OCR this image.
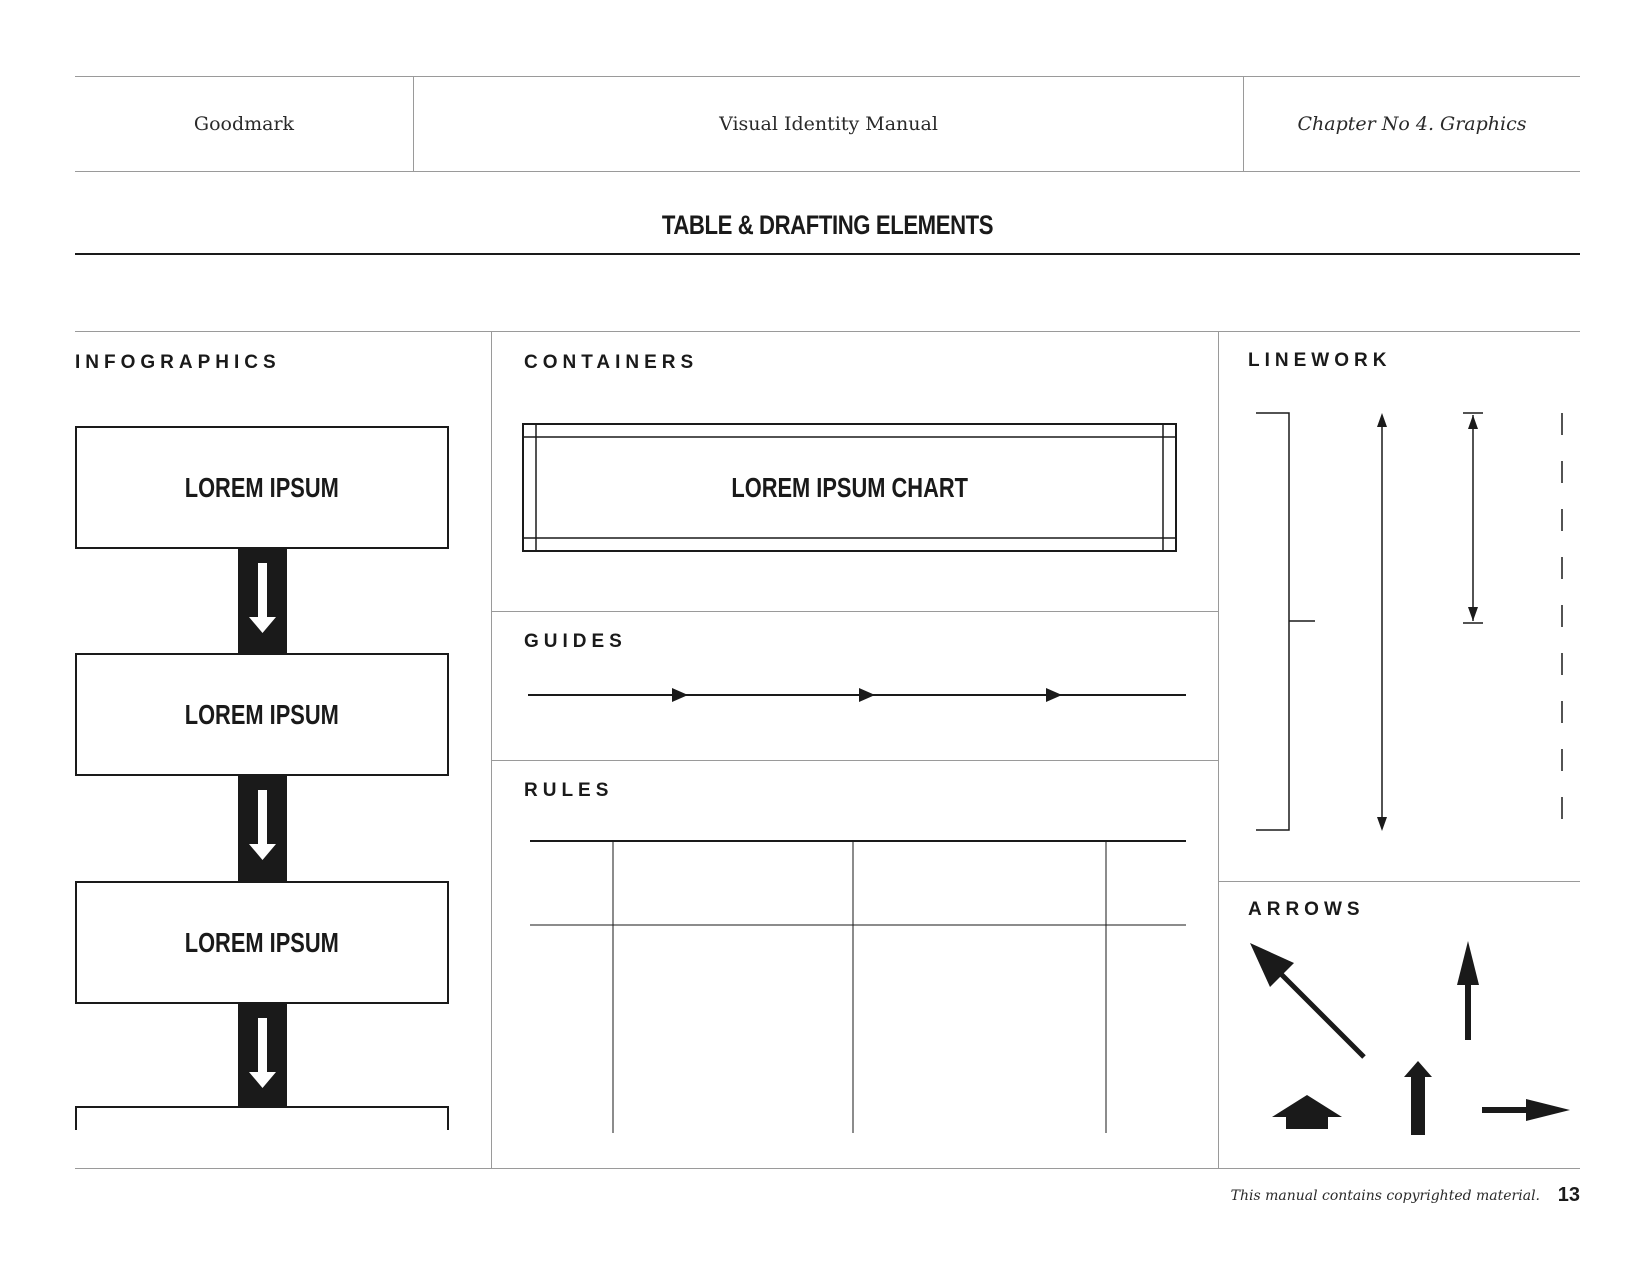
Goodmark	Visual Identity Manual	Chapter No 4. Graphics
TABLE & DRAFTING ELEMENTS
INFOGRAPHICS
LOREM IPSUM
LOREM IPSUM
LOREM IPSUM
CONTAINERS
LOREM IPSUM CHART
GUIDES
RULES
LINEWORK
ARROWS
This manual contains copyrighted material. 13
